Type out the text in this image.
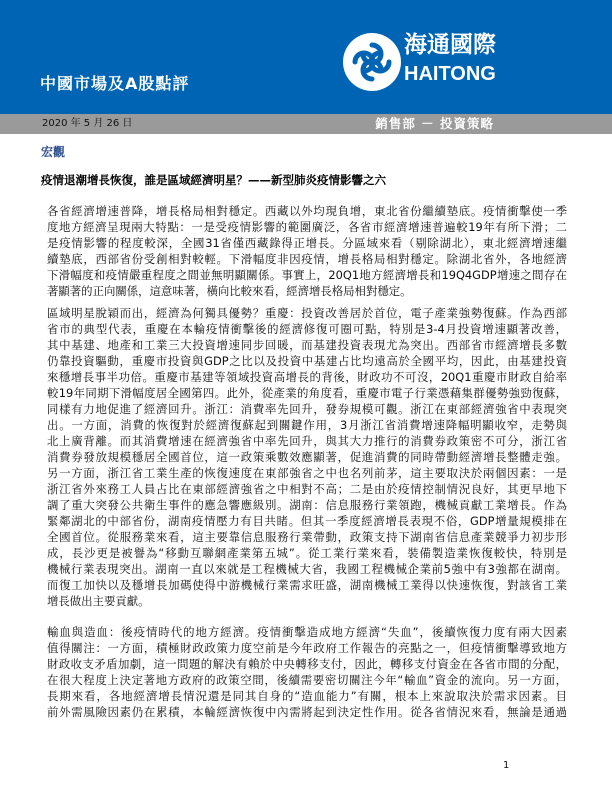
中國市場及A股點評
海通國際
HAITONG
2020 年 5 月 26 日	銷售部 － 投資策略
宏觀
疫情退潮增長恢復，誰是區域經濟明星？——新型肺炎疫情影響之六
各省經濟增速普降，增長格局相對穩定。西藏以外均現負增，東北省份繼續墊底。疫情衝擊使一季
度地方經濟呈現兩大特點：一是受疫情影響的範圍廣泛，各省市經濟增速普遍較19年有所下滑；二
是疫情影響的程度較深，全國31省僅西藏錄得正增長。分區域來看（剔除湖北），東北經濟增速繼
續墊底，西部省份受創相對較輕。下滑幅度非因疫情，增長格局相對穩定。除湖北省外，各地經濟
下滑幅度和疫情嚴重程度之間並無明顯關係。事實上，20Q1地方經濟增長和19Q4GDP增速之間存在
著顯著的正向關係，這意味著，橫向比較來看，經濟增長格局相對穩定。
區域明星脫穎而出，經濟為何獨具優勢？重慶：投資改善居於首位，電子產業強勢復蘇。作為西部
省市的典型代表，重慶在本輪疫情衝擊後的經濟修復可圈可點，特別是3-4月投資增速顯著改善，
其中基建、地產和工業三大投資增速同步回暖，而基建投資表現尤為突出。西部省市經濟增長多數
仍靠投資驅動，重慶市投資與GDP之比以及投資中基建占比均遠高於全國平均，因此，由基建投資
來穩增長事半功倍。重慶市基建等領域投資高增長的背後，財政功不可沒，20Q1重慶市財政自給率
較19年同期下滑幅度居全國第四。此外，從產業的角度看，重慶市電子行業憑藉集群優勢強勁復蘇，
同樣有力地促進了經濟回升。浙江：消費率先回升，發券規模可觀。浙江在東部經濟強省中表現突
出。一方面，消費的恢復對於經濟復蘇起到關鍵作用，3月浙江省消費增速降幅明顯收窄，走勢與
北上廣背離。而其消費增速在經濟強省中率先回升，與其大力推行的消費券政策密不可分，浙江省
消費券發放規模穩居全國首位，這一政策乘數效應顯著，促進消費的同時帶動經濟增長整體走強。
另一方面，浙江省工業生產的恢復速度在東部強省之中也名列前茅，這主要取決於兩個因素：一是
浙江省外來務工人員占比在東部經濟強省之中相對不高；二是由於疫情控制情況良好，其更早地下
調了重大突發公共衛生事件的應急響應級別。湖南：信息服務行業領跑，機械貢獻工業增長。作為
緊鄰湖北的中部省份，湖南疫情壓力有目共睹。但其一季度經濟增長表現不俗，GDP增量規模排在
全國首位。從服務業來看，這主要靠信息服務行業帶動，政策支持下湖南省信息產業競爭力初步形
成，長沙更是被譽為“移動互聯網產業第五城”。從工業行業來看，裝備製造業恢復較快，特別是
機械行業表現突出。湖南一直以來就是工程機械大省，我國工程機械企業前5強中有3強都在湖南。
而復工加快以及穩增長加碼使得中游機械行業需求旺盛，湖南機械工業得以快速恢復，對該省工業
增長做出主要貢獻。
輸血與造血：後疫情時代的地方經濟。疫情衝擊造成地方經濟“失血”，後續恢復力度有兩大因素
值得關注：一方面，積極財政政策力度空前是今年政府工作報告的亮點之一，但疫情衝擊導致地方
財政收支矛盾加劇，這一問題的解決有賴於中央轉移支付，因此，轉移支付資金在各省市間的分配，
在很大程度上決定著地方政府的政策空間，後續需要密切關注今年“輸血”資金的流向。另一方面，
長期來看，各地經濟增長情況還是同其自身的“造血能力”有關，根本上來說取決於需求因素。目
前外需風險因素仍在累積，本輪經濟恢復中內需將起到決定性作用。從各省情況來看，無論是通過
1
